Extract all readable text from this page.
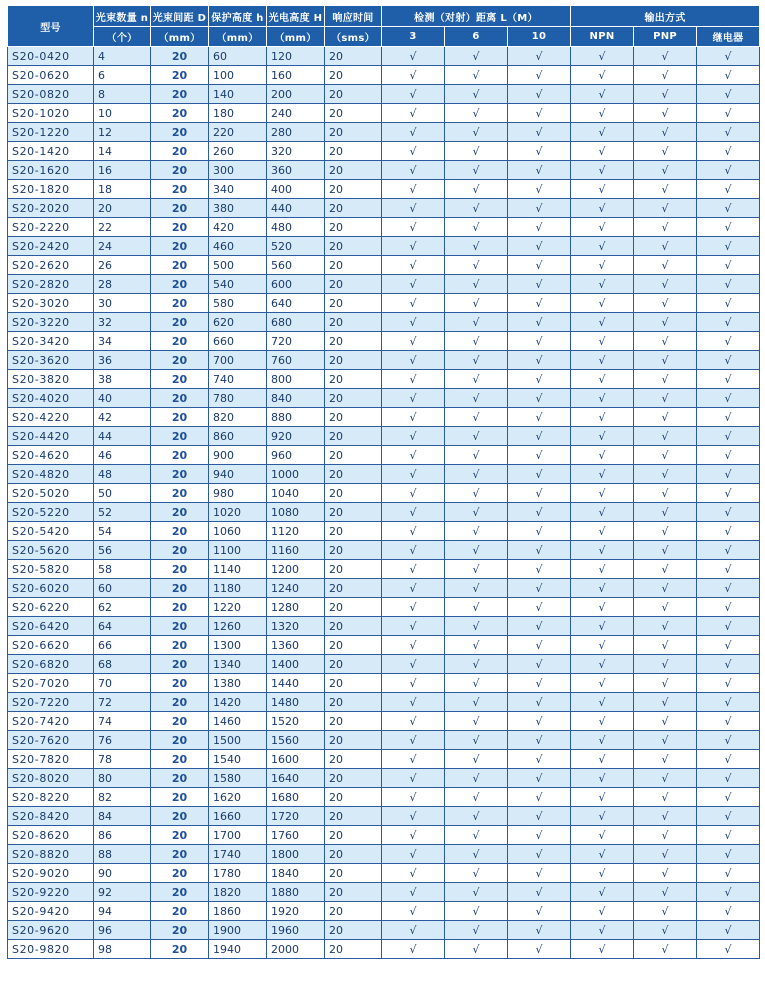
型号	光束数量 n	光束间距 D	保护高度 h	光电高度 H	响应时间	检测（对射）距离 L（M）			输出方式		
	（个）	（mm）	（mm）	（mm）	（sms）	3	6	10	NPN	PNP	继电器
S20-0420	4	20	60	120	20	√	√	√	√	√	√
S20-0620	6	20	100	160	20	√	√	√	√	√	√
S20-0820	8	20	140	200	20	√	√	√	√	√	√
S20-1020	10	20	180	240	20	√	√	√	√	√	√
S20-1220	12	20	220	280	20	√	√	√	√	√	√
S20-1420	14	20	260	320	20	√	√	√	√	√	√
S20-1620	16	20	300	360	20	√	√	√	√	√	√
S20-1820	18	20	340	400	20	√	√	√	√	√	√
S20-2020	20	20	380	440	20	√	√	√	√	√	√
S20-2220	22	20	420	480	20	√	√	√	√	√	√
S20-2420	24	20	460	520	20	√	√	√	√	√	√
S20-2620	26	20	500	560	20	√	√	√	√	√	√
S20-2820	28	20	540	600	20	√	√	√	√	√	√
S20-3020	30	20	580	640	20	√	√	√	√	√	√
S20-3220	32	20	620	680	20	√	√	√	√	√	√
S20-3420	34	20	660	720	20	√	√	√	√	√	√
S20-3620	36	20	700	760	20	√	√	√	√	√	√
S20-3820	38	20	740	800	20	√	√	√	√	√	√
S20-4020	40	20	780	840	20	√	√	√	√	√	√
S20-4220	42	20	820	880	20	√	√	√	√	√	√
S20-4420	44	20	860	920	20	√	√	√	√	√	√
S20-4620	46	20	900	960	20	√	√	√	√	√	√
S20-4820	48	20	940	1000	20	√	√	√	√	√	√
S20-5020	50	20	980	1040	20	√	√	√	√	√	√
S20-5220	52	20	1020	1080	20	√	√	√	√	√	√
S20-5420	54	20	1060	1120	20	√	√	√	√	√	√
S20-5620	56	20	1100	1160	20	√	√	√	√	√	√
S20-5820	58	20	1140	1200	20	√	√	√	√	√	√
S20-6020	60	20	1180	1240	20	√	√	√	√	√	√
S20-6220	62	20	1220	1280	20	√	√	√	√	√	√
S20-6420	64	20	1260	1320	20	√	√	√	√	√	√
S20-6620	66	20	1300	1360	20	√	√	√	√	√	√
S20-6820	68	20	1340	1400	20	√	√	√	√	√	√
S20-7020	70	20	1380	1440	20	√	√	√	√	√	√
S20-7220	72	20	1420	1480	20	√	√	√	√	√	√
S20-7420	74	20	1460	1520	20	√	√	√	√	√	√
S20-7620	76	20	1500	1560	20	√	√	√	√	√	√
S20-7820	78	20	1540	1600	20	√	√	√	√	√	√
S20-8020	80	20	1580	1640	20	√	√	√	√	√	√
S20-8220	82	20	1620	1680	20	√	√	√	√	√	√
S20-8420	84	20	1660	1720	20	√	√	√	√	√	√
S20-8620	86	20	1700	1760	20	√	√	√	√	√	√
S20-8820	88	20	1740	1800	20	√	√	√	√	√	√
S20-9020	90	20	1780	1840	20	√	√	√	√	√	√
S20-9220	92	20	1820	1880	20	√	√	√	√	√	√
S20-9420	94	20	1860	1920	20	√	√	√	√	√	√
S20-9620	96	20	1900	1960	20	√	√	√	√	√	√
S20-9820	98	20	1940	2000	20	√	√	√	√	√	√
